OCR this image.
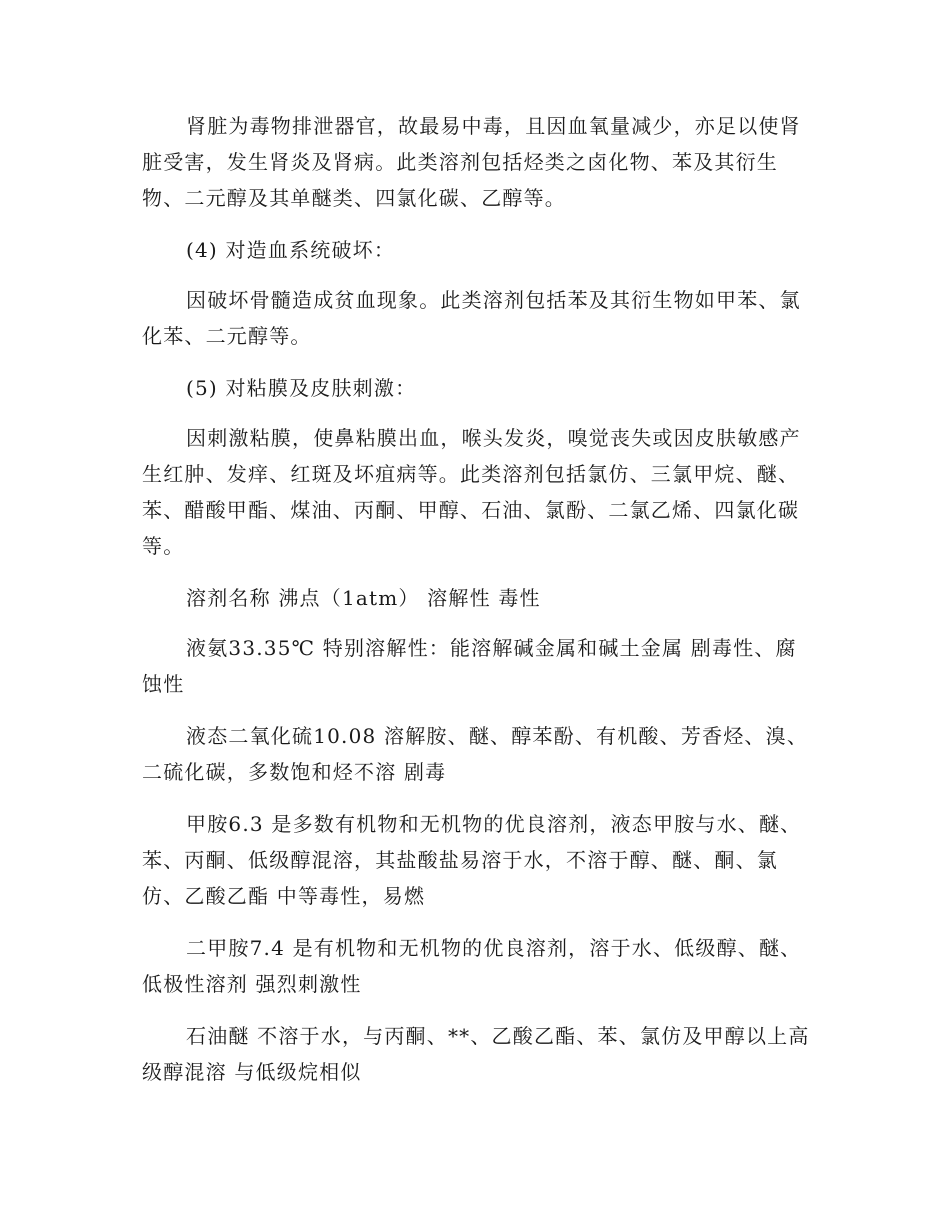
肾脏为毒物排泄器官，故最易中毒，且因血氧量减少，亦足以使肾脏受害，发生肾炎及肾病。此类溶剂包括烃类之卤化物、苯及其衍生物、二元醇及其单醚类、四氯化碳、乙醇等。

(4) 对造血系统破坏：

因破坏骨髓造成贫血现象。此类溶剂包括苯及其衍生物如甲苯、氯化苯、二元醇等。

(5) 对粘膜及皮肤刺激：

因刺激粘膜，使鼻粘膜出血，喉头发炎，嗅觉丧失或因皮肤敏感产生红肿、发痒、红斑及坏疽病等。此类溶剂包括氯仿、三氯甲烷、醚、苯、醋酸甲酯、煤油、丙酮、甲醇、石油、氯酚、二氯乙烯、四氯化碳等。

溶剂名称 沸点（1atm） 溶解性 毒性

液氨33.35℃ 特别溶解性：能溶解碱金属和碱土金属 剧毒性、腐蚀性

液态二氧化硫10.08 溶解胺、醚、醇苯酚、有机酸、芳香烃、溴、二硫化碳，多数饱和烃不溶 剧毒

甲胺6.3 是多数有机物和无机物的优良溶剂，液态甲胺与水、醚、苯、丙酮、低级醇混溶，其盐酸盐易溶于水，不溶于醇、醚、酮、氯仿、乙酸乙酯 中等毒性，易燃

二甲胺7.4 是有机物和无机物的优良溶剂，溶于水、低级醇、醚、低极性溶剂 强烈刺激性

石油醚 不溶于水，与丙酮、**、乙酸乙酯、苯、氯仿及甲醇以上高级醇混溶 与低级烷相似
